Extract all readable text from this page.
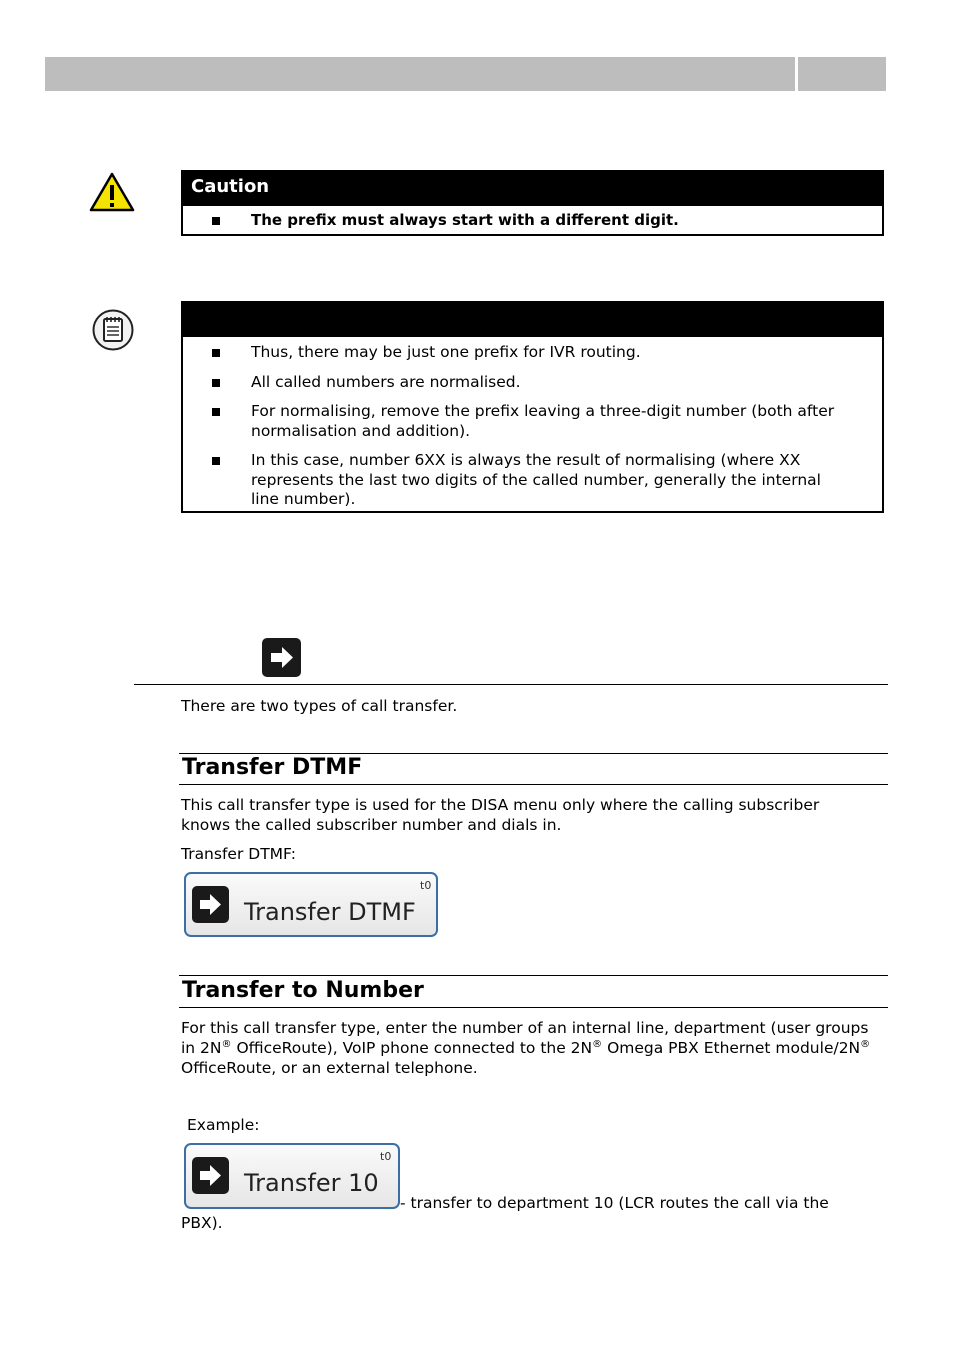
Caution
The prefix must always start with a different digit.
Thus, there may be just one prefix for IVR routing.
All called numbers are normalised.
For normalising, remove the prefix leaving a three-digit number (both after normalisation and addition).
In this case, number 6XX is always the result of normalising (where XX represents the last two digits of the called number, generally the internal line number).
There are two types of call transfer.
Transfer DTMF
This call transfer type is used for the DISA menu only where the calling subscriber knows the called subscriber number and dials in.
Transfer DTMF:
Transfer DTMF
t0
Transfer to Number
For this call transfer type, enter the number of an internal line, department (user groups in 2N® OfficeRoute), VoIP phone connected to the 2N® Omega PBX Ethernet module/2N® OfficeRoute, or an external telephone.
Example:
Transfer 10
t0
- transfer to department 10 (LCR routes the call via the PBX).
